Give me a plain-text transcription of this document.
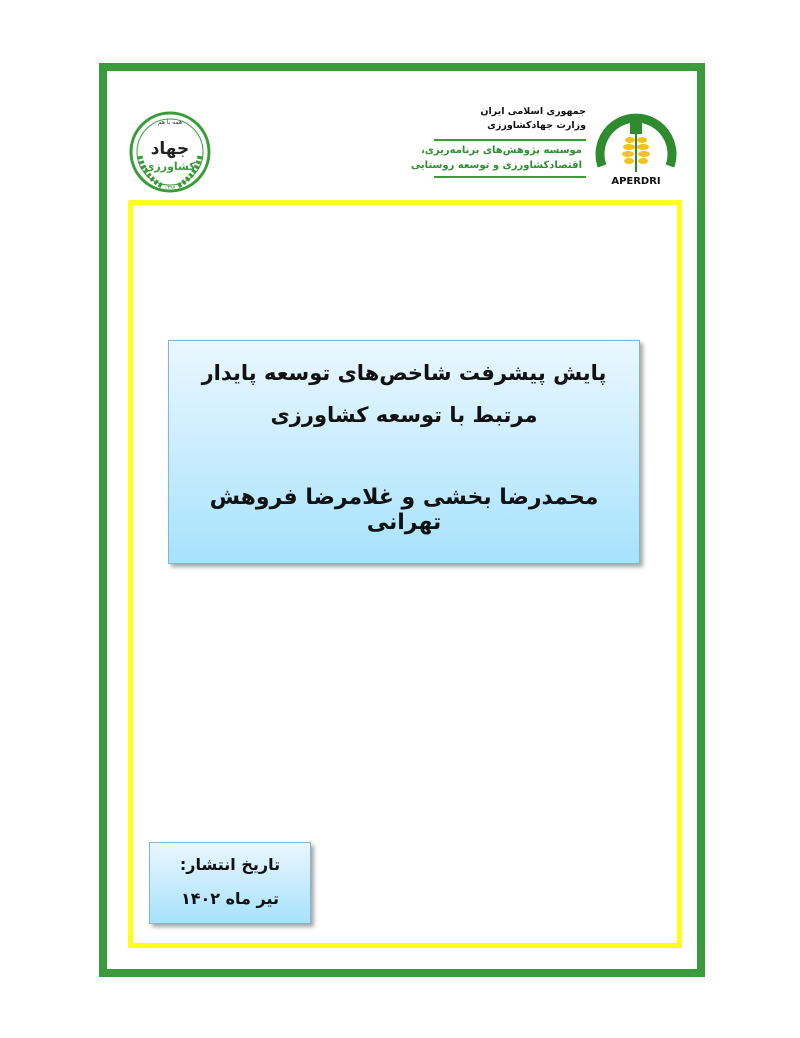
همه با هم
جهاد
کشاورزی
۱۳۹۷
جمهوری اسلامی ایران
وزارت جهادکشاورزی
موسسه پژوهش‌های برنامه‌ریزی،
اقتصادکشاورزی و توسعه روستایی
APERDRI
پایش پیشرفت شاخص‌های توسعه پایدار
مرتبط با توسعه کشاورزی
محمدرضا بخشی و غلامرضا فروهش تهرانی
تاریخ انتشار:
تیر ماه ۱۴۰۲
